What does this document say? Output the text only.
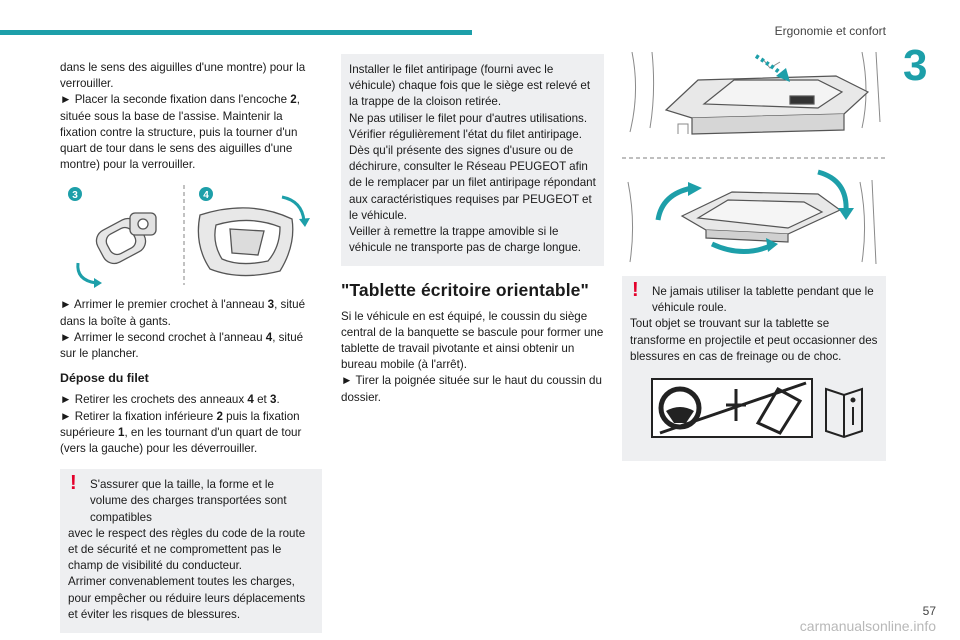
Ergonomie et confort
3

dans le sens des aiguilles d'une montre) pour la verrouiller.

► Placer la seconde fixation dans l'encoche 2, située sous la base de l'assise. Maintenir la fixation contre la structure, puis la tourner d'un quart de tour dans le sens des aiguilles d'une montre) pour la verrouiller.

3	4

► Arrimer le premier crochet à l'anneau 3, situé dans la boîte à gants.

► Arrimer le second crochet à l'anneau 4, situé sur le plancher.

Dépose du filet

► Retirer les crochets des anneaux 4 et 3.

► Retirer la fixation inférieure 2 puis la fixation supérieure 1, en les tournant d'un quart de tour (vers la gauche) pour les déverrouiller.

! S'assurer que la taille, la forme et le volume des charges transportées sont compatibles

avec le respect des règles du code de la route et de sécurité et ne compromettent pas le champ de visibilité du conducteur.

Arrimer convenablement toutes les charges, pour empêcher ou réduire leurs déplacements et éviter les risques de blessures.

Installer le filet antiripage (fourni avec le véhicule) chaque fois que le siège est relevé et la trappe de la cloison retirée.

Ne pas utiliser le filet pour d'autres utilisations.

Vérifier régulièrement l'état du filet antiripage.

Dès qu'il présente des signes d'usure ou de déchirure, consulter le Réseau PEUGEOT afin de le remplacer par un filet antiripage répondant aux caractéristiques requises par PEUGEOT et le véhicule.

Veiller à remettre la trappe amovible si le véhicule ne transporte pas de charge longue.

"Tablette écritoire orientable"

Si le véhicule en est équipé, le coussin du siège central de la banquette se bascule pour former une tablette de travail pivotante et ainsi obtenir un bureau mobile (à l'arrêt).

► Tirer la poignée située sur le haut du coussin du dossier.

! Ne jamais utiliser la tablette pendant que le véhicule roule.

Tout objet se trouvant sur la tablette se transforme en projectile et peut occasionner des blessures en cas de freinage ou de choc.

57
carmanualsonline.info
